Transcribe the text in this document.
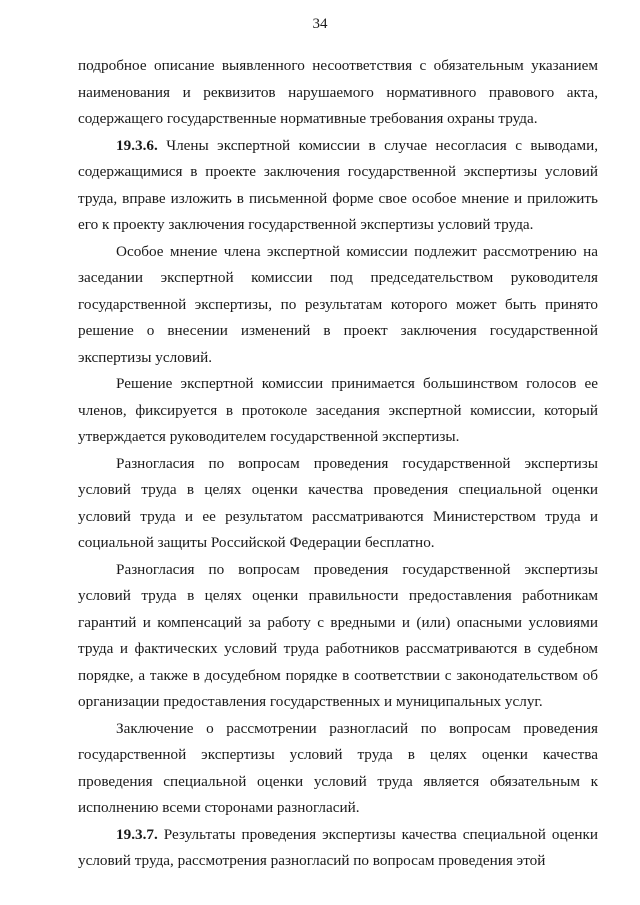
34

подробное описание выявленного несоответствия с обязательным указанием наименования и реквизитов нарушаемого нормативного правового акта, содержащего государственные нормативные требования охраны труда.

19.3.6. Члены экспертной комиссии в случае несогласия с выводами, содержащимися в проекте заключения государственной экспертизы условий труда, вправе изложить в письменной форме свое особое мнение и приложить его к проекту заключения государственной экспертизы условий труда.

Особое мнение члена экспертной комиссии подлежит рассмотрению на заседании экспертной комиссии под председательством руководителя государственной экспертизы, по результатам которого может быть принято решение о внесении изменений в проект заключения государственной экспертизы условий.

Решение экспертной комиссии принимается большинством голосов ее членов, фиксируется в протоколе заседания экспертной комиссии, который утверждается руководителем государственной экспертизы.

Разногласия по вопросам проведения государственной экспертизы условий труда в целях оценки качества проведения специальной оценки условий труда и ее результатом рассматриваются Министерством труда и социальной защиты Российской Федерации бесплатно.

Разногласия по вопросам проведения государственной экспертизы условий труда в целях оценки правильности предоставления работникам гарантий и компенсаций за работу с вредными и (или) опасными условиями труда и фактических условий труда работников рассматриваются в судебном порядке, а также в досудебном порядке в соответствии с законодательством об организации предоставления государственных и муниципальных услуг.

Заключение о рассмотрении разногласий по вопросам проведения государственной экспертизы условий труда в целях оценки качества проведения специальной оценки условий труда является обязательным к исполнению всеми сторонами разногласий.

19.3.7. Результаты проведения экспертизы качества специальной оценки условий труда, рассмотрения разногласий по вопросам проведения этой
